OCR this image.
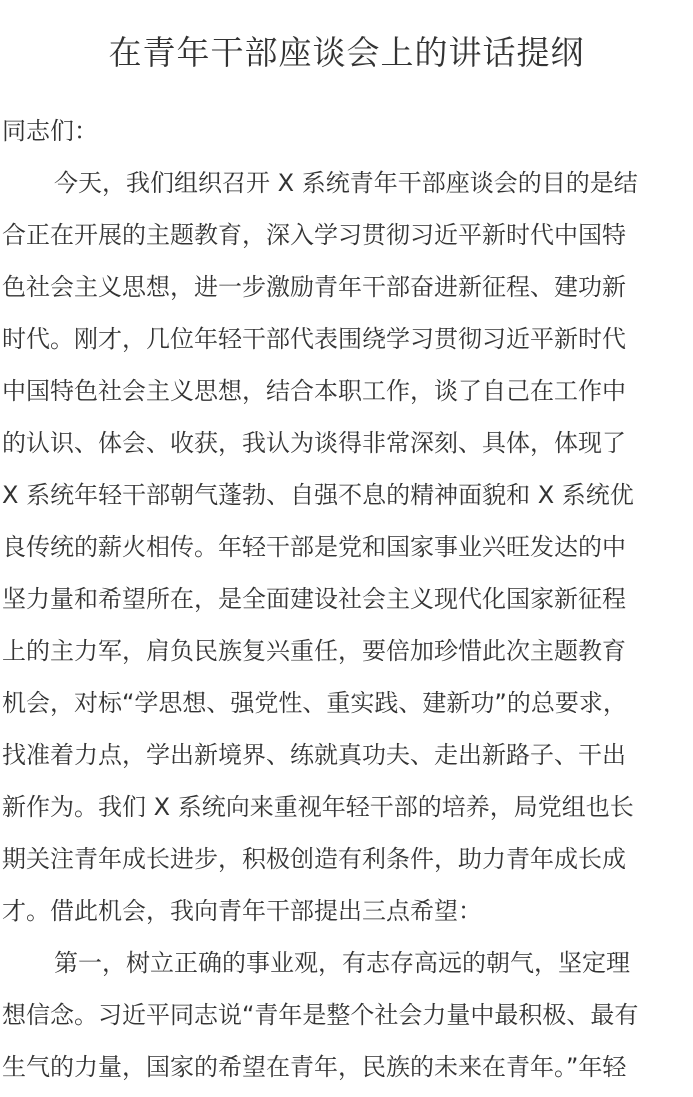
在青年干部座谈会上的讲话提纲

同志们：

今天，我们组织召开 X 系统青年干部座谈会的目的是结
合正在开展的主题教育，深入学习贯彻习近平新时代中国特
色社会主义思想，进一步激励青年干部奋进新征程、建功新
时代。刚才，几位年轻干部代表围绕学习贯彻习近平新时代
中国特色社会主义思想，结合本职工作，谈了自己在工作中
的认识、体会、收获，我认为谈得非常深刻、具体，体现了
X 系统年轻干部朝气蓬勃、自强不息的精神面貌和 X 系统优
良传统的薪火相传。年轻干部是党和国家事业兴旺发达的中
坚力量和希望所在，是全面建设社会主义现代化国家新征程
上的主力军，肩负民族复兴重任，要倍加珍惜此次主题教育
机会，对标“学思想、强党性、重实践、建新功”的总要求，
找准着力点，学出新境界、练就真功夫、走出新路子、干出
新作为。我们 X 系统向来重视年轻干部的培养，局党组也长
期关注青年成长进步，积极创造有利条件，助力青年成长成
才。借此机会，我向青年干部提出三点希望：

第一，树立正确的事业观，有志存高远的朝气，坚定理
想信念。习近平同志说“青年是整个社会力量中最积极、最有
生气的力量，国家的希望在青年，民族的未来在青年。”年轻
